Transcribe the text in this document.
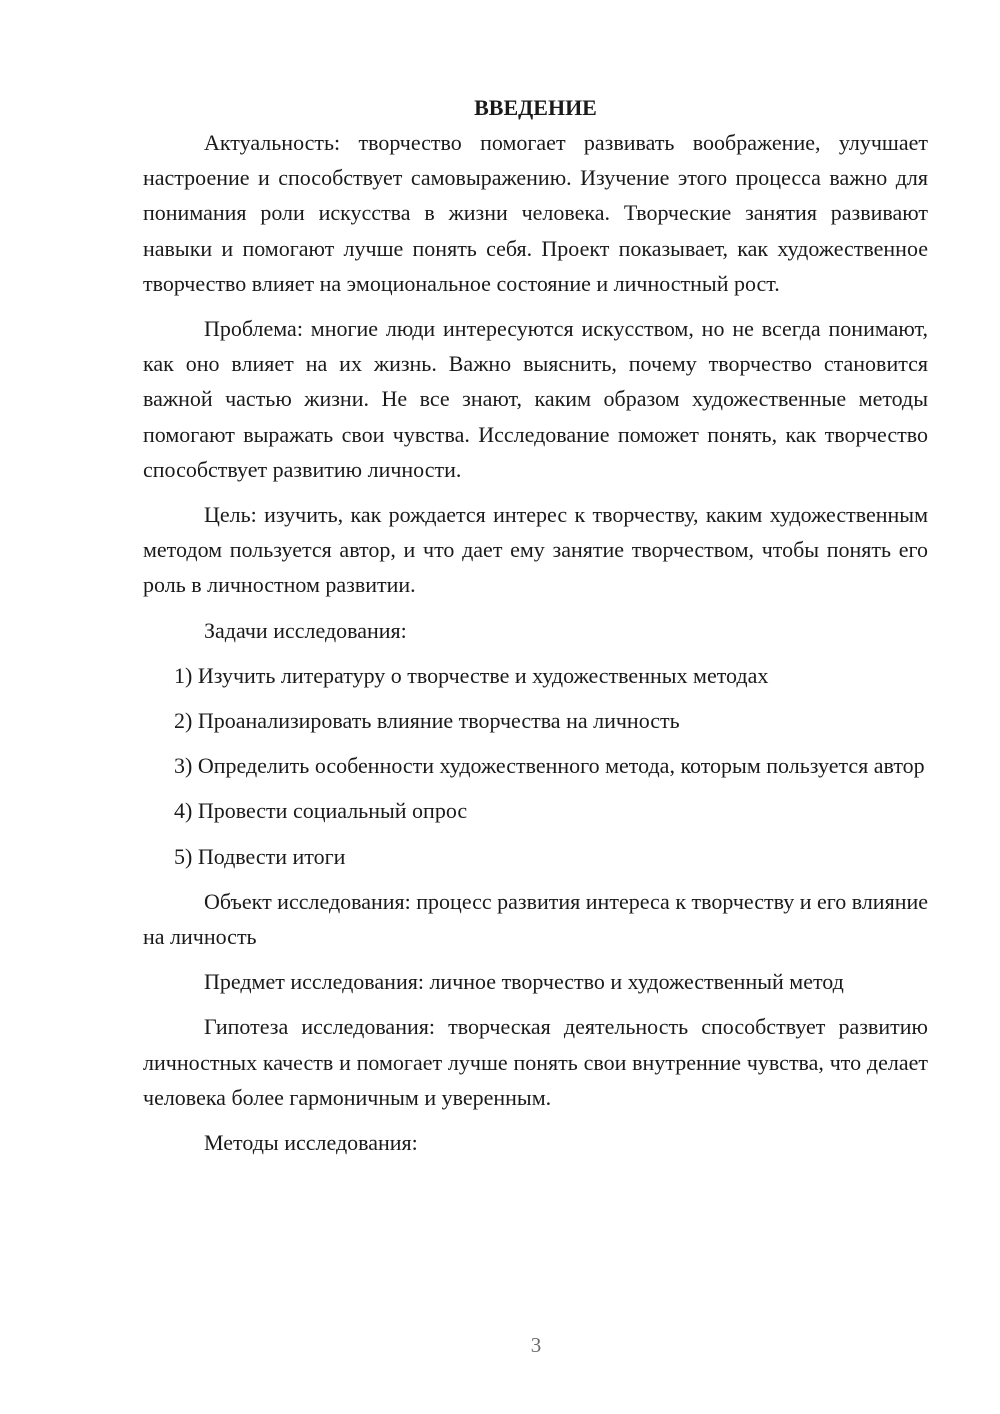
ВВЕДЕНИЕ

Актуальность: творчество помогает развивать воображение, улучшает настроение и способствует самовыражению. Изучение этого процесса важно для понимания роли искусства в жизни человека. Творческие занятия развивают навыки и помогают лучше понять себя. Проект показывает, как художественное творчество влияет на эмоциональное состояние и личностный рост.

Проблема: многие люди интересуются искусством, но не всегда понимают, как оно влияет на их жизнь. Важно выяснить, почему творчество становится важной частью жизни. Не все знают, каким образом художественные методы помогают выражать свои чувства. Исследование поможет понять, как творчество способствует развитию личности.

Цель: изучить, как рождается интерес к творчеству, каким художественным методом пользуется автор, и что дает ему занятие творчеством, чтобы понять его роль в личностном развитии.

Задачи исследования:

1) Изучить литературу о творчестве и художественных методах

2) Проанализировать влияние творчества на личность

3) Определить особенности художественного метода, которым пользуется автор

4) Провести социальный опрос

5) Подвести итоги

Объект исследования: процесс развития интереса к творчеству и его влияние на личность

Предмет исследования: личное творчество и художественный метод

Гипотеза исследования: творческая деятельность способствует развитию личностных качеств и помогает лучше понять свои внутренние чувства, что делает человека более гармоничным и уверенным.

Методы исследования:

3
